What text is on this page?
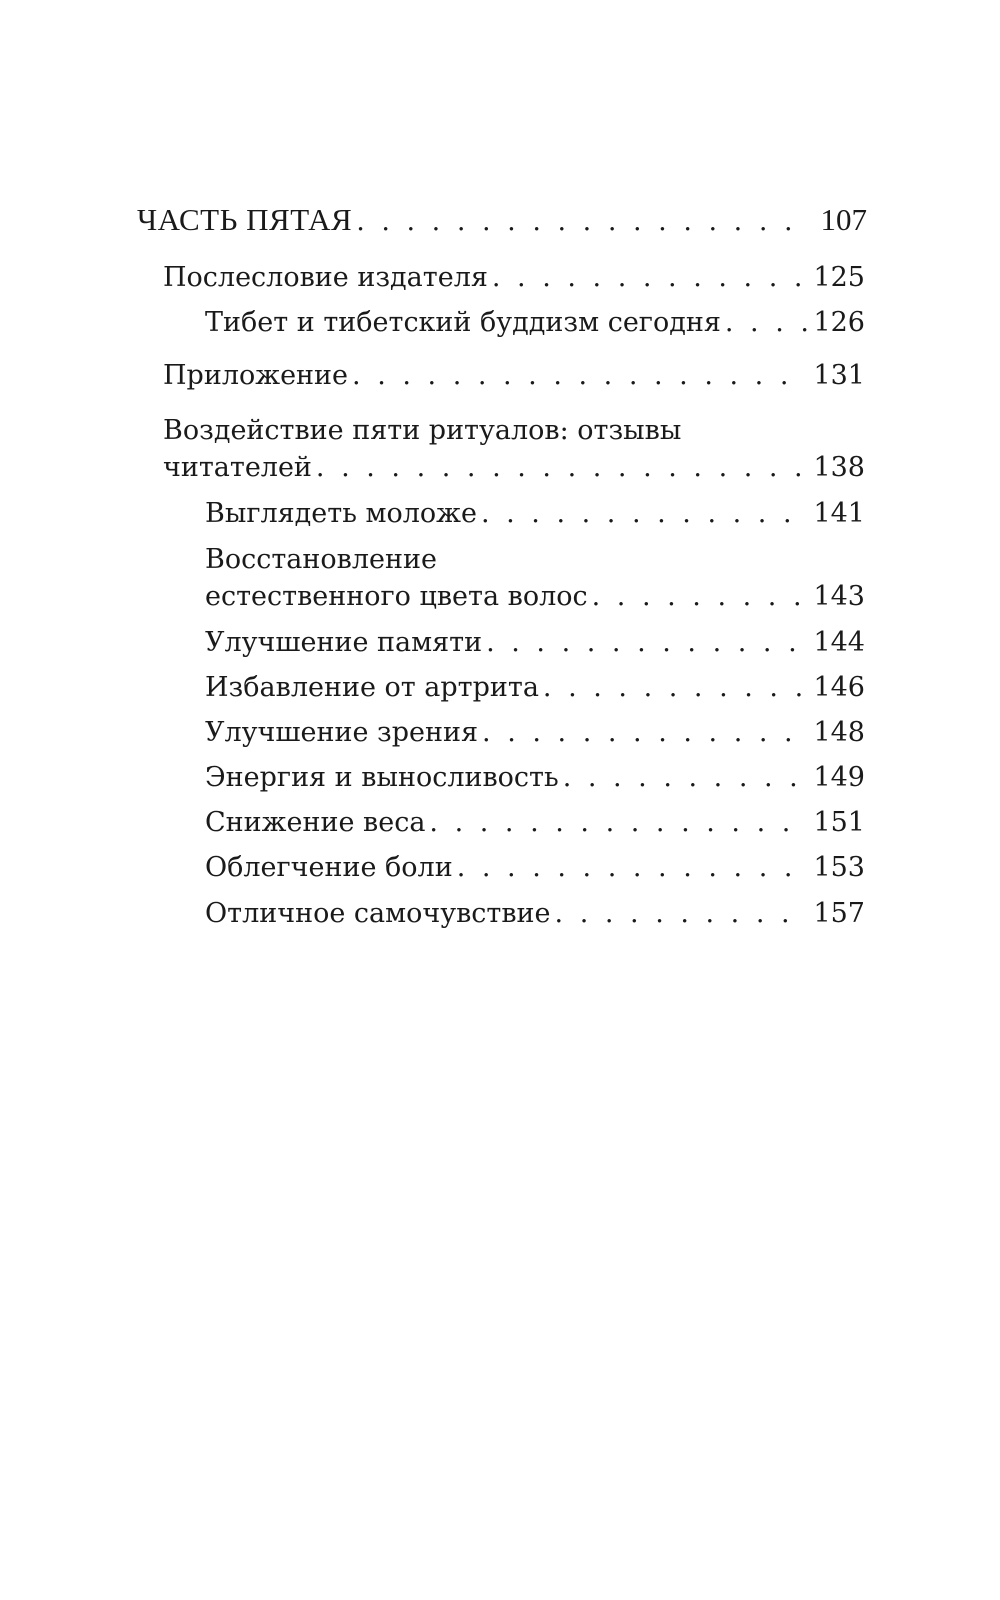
ЧАСТЬ ПЯТАЯ . . .	107
Послесловие издателя . . .	125
Тибет и тибетский буддизм сегодня . . .	126
Приложение . . .	131
Воздействие пяти ритуалов: отзывы
читателей . . .	138
Выглядеть моложе . . .	141
Восстановление
естественного цвета волос . . .	143
Улучшение памяти . . .	144
Избавление от артрита . . .	146
Улучшение зрения . . .	148
Энергия и выносливость . . .	149
Снижение веса . . .	151
Облегчение боли . . .	153
Отличное самочувствие . . .	157
